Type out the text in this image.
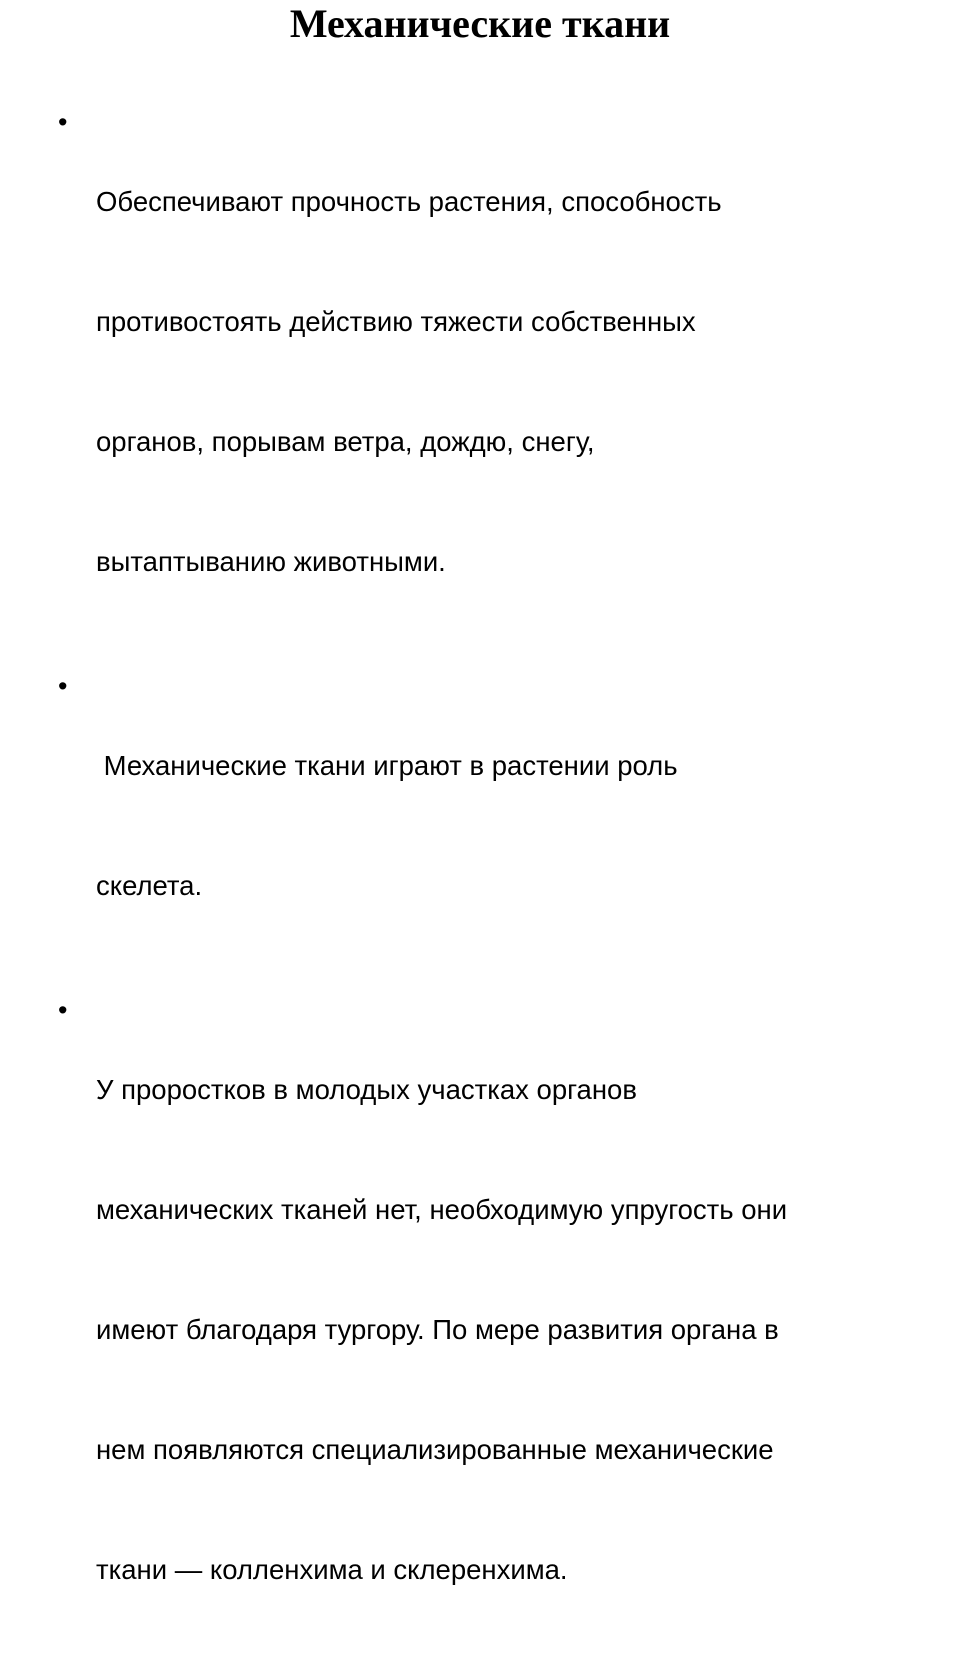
Механические ткани
•

Обеспечивают прочность растения, способность

противостоять действию тяжести собственных

органов, порывам ветра, дождю, снегу,

вытаптыванию животными.

•

Механические ткани играют в растении роль

скелета.

•

У проростков в молодых участках органов

механических тканей нет, необходимую упругость они

имеют благодаря тургору. По мере развития органа в

нем появляются специализированные механические

ткани — колленхима и склеренхима.
